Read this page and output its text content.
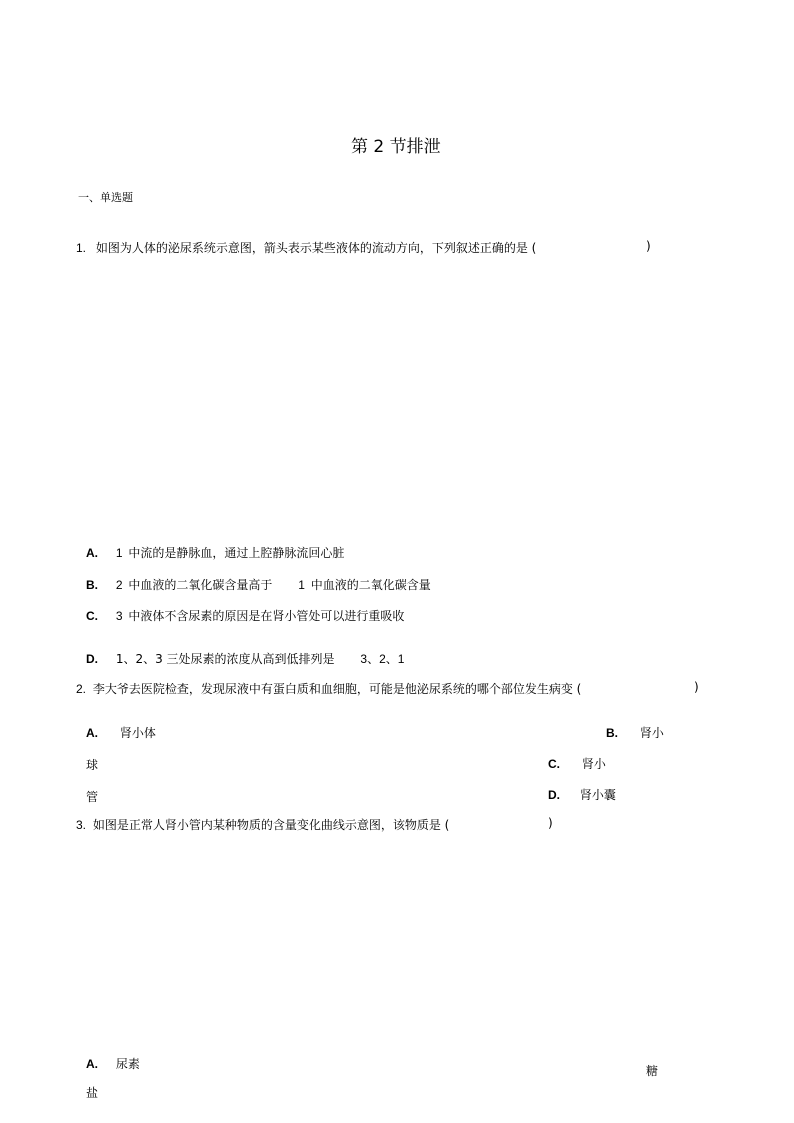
第 2 节排泄
一、单选题
1. 如图为人体的泌尿系统示意图，箭头表示某些液体的流动方向，下列叙述正确的是 (	)
A. 1 中流的是静脉血，通过上腔静脉流回心脏
B. 2 中血液的二氧化碳含量高于 1 中血液的二氧化碳含量
C. 3 中液体不含尿素的原因是在肾小管处可以进行重吸收
D. 1、2、3 三处尿素的浓度从高到低排列是 3、2、1
2. 李大爷去医院检查，发现尿液中有蛋白质和血细胞，可能是他泌尿系统的哪个部位发生病变 (	)
A. 肾小体	B. 肾小
球	C. 肾小
管	D. 肾小囊
3. 如图是正常人肾小管内某种物质的含量变化曲线示意图，该物质是 (	)
A. 尿素	糖
盐
